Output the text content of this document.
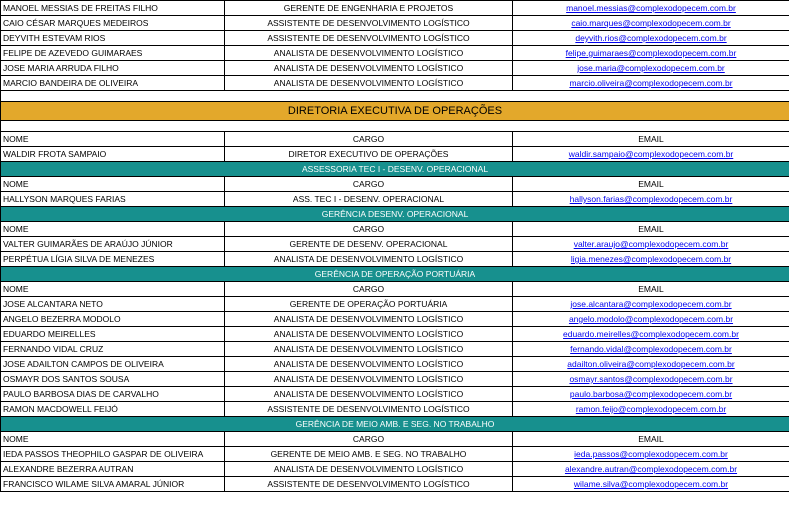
MANOEL MESSIAS DE FREITAS FILHO	GERENTE DE ENGENHARIA E PROJETOS	manoel.messias@complexodopecem.com.br
CAIO CÉSAR MARQUES MEDEIROS	ASSISTENTE DE DESENVOLVIMENTO LOGÍSTICO	caio.marques@complexodopecem.com.br
DEYVITH ESTEVAM RIOS	ASSISTENTE DE DESENVOLVIMENTO LOGÍSTICO	deyvith.rios@complexodopecem.com.br
FELIPE DE AZEVEDO GUIMARAES	ANALISTA DE DESENVOLVIMENTO LOGÍSTICO	felipe.guimaraes@complexodopecem.com.br
JOSE MARIA ARRUDA FILHO	ANALISTA DE DESENVOLVIMENTO LOGÍSTICO	jose.maria@complexodopecem.com.br
MARCIO BANDEIRA DE OLIVEIRA	ANALISTA DE DESENVOLVIMENTO LOGÍSTICO	marcio.oliveira@complexodopecem.com.br

DIRETORIA EXECUTIVA DE OPERAÇÕES		

NOME	CARGO	EMAIL
WALDIR FROTA SAMPAIO	DIRETOR EXECUTIVO DE OPERAÇÕES	waldir.sampaio@complexodopecem.com.br
ASSESSORIA TEC I - DESENV. OPERACIONAL		
NOME	CARGO	EMAIL
HALLYSON MARQUES FARIAS	ASS. TEC I - DESENV. OPERACIONAL	hallyson.farias@complexodopecem.com.br
GERÊNCIA DESENV. OPERACIONAL		
NOME	CARGO	EMAIL
VALTER GUIMARÃES DE ARAÚJO JÚNIOR	GERENTE DE DESENV. OPERACIONAL	valter.araujo@complexodopecem.com.br
PERPÉTUA LÍGIA SILVA DE MENEZES	ANALISTA DE DESENVOLVIMENTO LOGÍSTICO	ligia.menezes@complexodopecem.com.br
GERÊNCIA DE OPERAÇÃO PORTUÁRIA		
NOME	CARGO	EMAIL
JOSE ALCANTARA NETO	GERENTE DE OPERAÇÃO PORTUÁRIA	jose.alcantara@complexodopecem.com.br
ANGELO BEZERRA MODOLO	ANALISTA DE DESENVOLVIMENTO LOGÍSTICO	angelo.modolo@complexodopecem.com.br
EDUARDO MEIRELLES	ANALISTA DE DESENVOLVIMENTO LOGÍSTICO	eduardo.meirelles@complexodopecem.com.br
FERNANDO VIDAL CRUZ	ANALISTA DE DESENVOLVIMENTO LOGÍSTICO	fernando.vidal@complexodopecem.com.br
JOSE ADAILTON CAMPOS DE OLIVEIRA	ANALISTA DE DESENVOLVIMENTO LOGÍSTICO	adailton.oliveira@complexodopecem.com.br
OSMAYR DOS SANTOS SOUSA	ANALISTA DE DESENVOLVIMENTO LOGÍSTICO	osmayr.santos@complexodopecem.com.br
PAULO BARBOSA DIAS DE CARVALHO	ANALISTA DE DESENVOLVIMENTO LOGÍSTICO	paulo.barbosa@complexodopecem.com.br
RAMON MACDOWELL FEIJÓ	ASSISTENTE DE DESENVOLVIMENTO LOGÍSTICO	ramon.feijo@complexodopecem.com.br
GERÊNCIA DE MEIO AMB. E SEG. NO TRABALHO		
NOME	CARGO	EMAIL
IEDA PASSOS THEOPHILO GASPAR DE OLIVEIRA	GERENTE DE MEIO AMB. E SEG. NO TRABALHO	ieda.passos@complexodopecem.com.br
ALEXANDRE BEZERRA AUTRAN	ANALISTA DE DESENVOLVIMENTO LOGÍSTICO	alexandre.autran@complexodopecem.com.br
FRANCISCO WILAME SILVA AMARAL JÚNIOR	ASSISTENTE DE DESENVOLVIMENTO LOGÍSTICO	wilame.silva@complexodopecem.com.br
